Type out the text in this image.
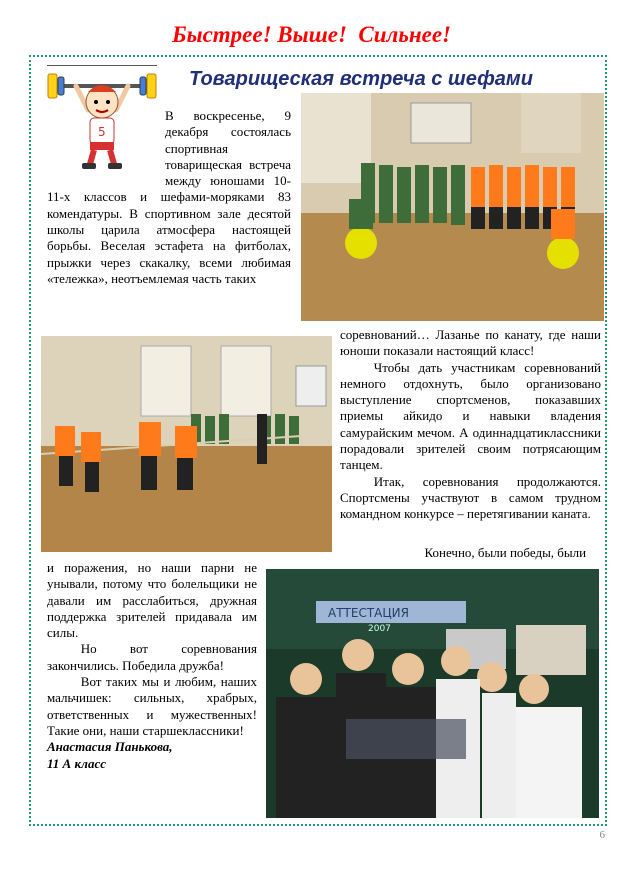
Быстрее! Выше!  Сильнее!
Товарищеская встреча с шефами
5
АТТЕСТАЦИЯ
2007

В воскресенье, 9 декабря состоялась спортивная товарищеская встреча между юношами 10-11-х классов и шефами-моряками 83 комендатуры. В спортивном зале десятой школы царила атмосфера настоящей борьбы. Веселая эстафета на фитболах, прыжки через скакалку, всеми любимая «тележка», неотъемлемая часть таких

соревнований… Лазанье по канату, где наши юноши показали настоящий класс!

Чтобы дать участникам соревнований немного отдохнуть, было организовано выступление спортсменов, показавших приемы айкидо и навыки владения самурайским мечом. А одиннадцатиклассники порадовали зрителей своим потрясающим танцем.

Итак, соревнования продолжаются. Спортсмены участвуют в самом трудном командном конкурсе – перетягивании каната.

Конечно, были победы, были

и поражения, но наши парни не унывали, потому что болельщики не давали им расслабиться, дружная поддержка зрителей придавала им силы.

Но вот соревнования закончились. Победила дружба!

Вот таких мы и любим, наших мальчишек: сильных, храбрых, ответственных и мужественных! Такие они, наши старшеклассники!

Анастасия Панькова,
11 А класс
6
